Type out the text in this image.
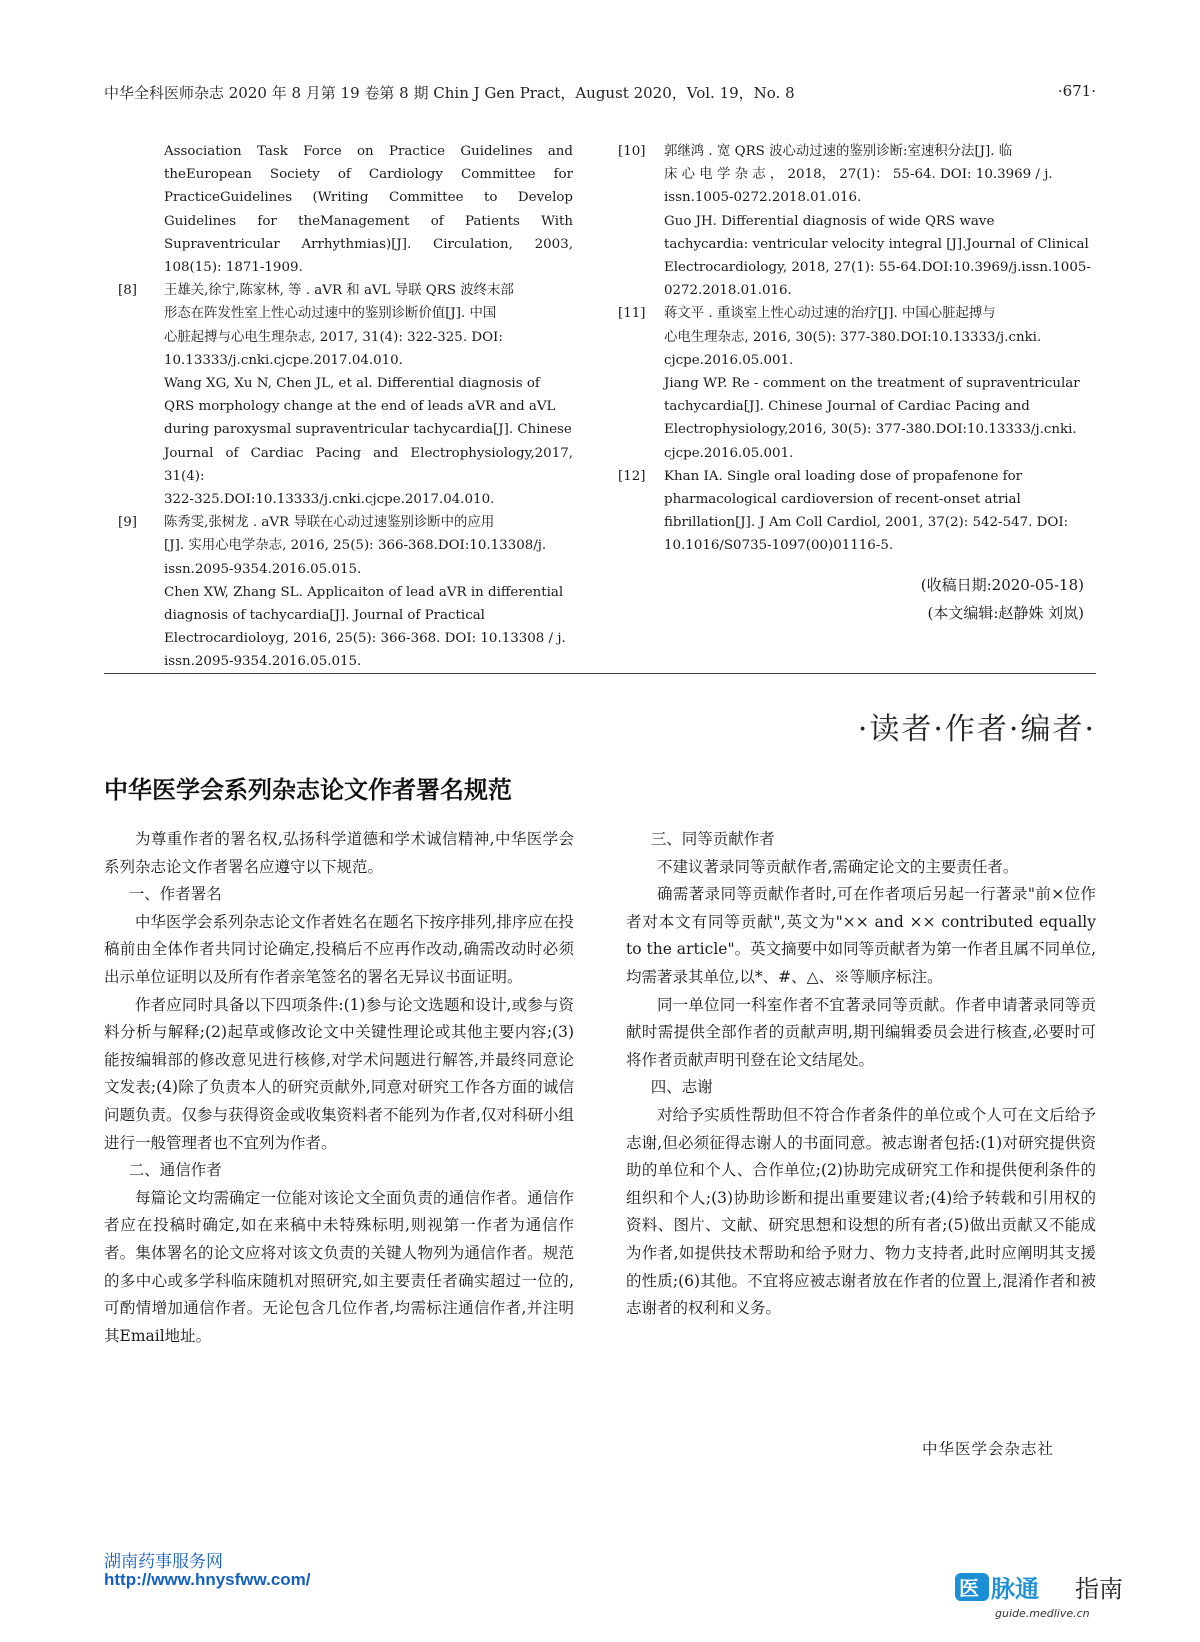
中华全科医师杂志 2020 年 8 月第 19 卷第 8 期 Chin J Gen Pract，August 2020，Vol. 19，No. 8	·671·
Association Task Force on Practice Guidelines and theEuropean Society of Cardiology Committee for PracticeGuidelines (Writing Committee to Develop Guidelines for theManagement of Patients With Supraventricular Arrhythmias)[J]. Circulation, 2003, 108(15): 1871-1909.
[8]	王雄关,徐宁,陈家林, 等 . aVR 和 aVL 导联 QRS 波终末部
形态在阵发性室上性心动过速中的鉴别诊断价值[J]. 中国
心脏起搏与心电生理杂志, 2017, 31(4): 322-325. DOI:
10.13333/j.cnki.cjcpe.2017.04.010.
Wang XG, Xu N, Chen JL, et al. Differential diagnosis of
QRS morphology change at the end of leads aVR and aVL
during paroxysmal supraventricular tachycardia[J]. Chinese
Journal of Cardiac Pacing and Electrophysiology,2017, 31(4):
322-325.DOI:10.13333/j.cnki.cjcpe.2017.04.010.
[9]	陈秀雯,张树龙 . aVR 导联在心动过速鉴别诊断中的应用
[J]. 实用心电学杂志, 2016, 25(5): 366-368.DOI:10.13308/j.
issn.2095-9354.2016.05.015.
Chen XW, Zhang SL. Applicaiton of lead aVR in differential
diagnosis of tachycardia[J]. Journal of Practical
Electrocardioloyg, 2016, 25(5): 366-368. DOI: 10.13308 / j.
issn.2095-9354.2016.05.015.
[10]	郭继鸿 . 宽 QRS 波心动过速的鉴别诊断:室速积分法[J]. 临
床 心 电 学 杂 志 ， 2018， 27(1)： 55-64. DOI: 10.3969 / j.
issn.1005-0272.2018.01.016.
Guo JH. Differential diagnosis of wide QRS wave
tachycardia: ventricular velocity integral [J].Journal of Clinical
Electrocardiology, 2018, 27(1): 55-64.DOI:10.3969/j.issn.1005-
0272.2018.01.016.
[11]	蒋文平 . 重谈室上性心动过速的治疗[J]. 中国心脏起搏与
心电生理杂志, 2016, 30(5): 377-380.DOI:10.13333/j.cnki.
cjcpe.2016.05.001.
Jiang WP. Re - comment on the treatment of supraventricular
tachycardia[J]. Chinese Journal of Cardiac Pacing and
Electrophysiology,2016, 30(5): 377-380.DOI:10.13333/j.cnki.
cjcpe.2016.05.001.
[12]	Khan IA. Single oral loading dose of propafenone for
pharmacological cardioversion of recent-onset atrial
fibrillation[J]. J Am Coll Cardiol, 2001, 37(2): 542-547. DOI:
10.1016/S0735-1097(00)01116-5.
(收稿日期:2020-05-18)
(本文编辑:赵静姝 刘岚)
·读者·作者·编者·
中华医学会系列杂志论文作者署名规范

为尊重作者的署名权,弘扬科学道德和学术诚信精神,中华医学会系列杂志论文作者署名应遵守以下规范。

一、作者署名

中华医学会系列杂志论文作者姓名在题名下按序排列,排序应在投稿前由全体作者共同讨论确定,投稿后不应再作改动,确需改动时必须出示单位证明以及所有作者亲笔签名的署名无异议书面证明。

作者应同时具备以下四项条件:(1)参与论文选题和设计,或参与资料分析与解释;(2)起草或修改论文中关键性理论或其他主要内容;(3)能按编辑部的修改意见进行核修,对学术问题进行解答,并最终同意论文发表;(4)除了负责本人的研究贡献外,同意对研究工作各方面的诚信问题负责。仅参与获得资金或收集资料者不能列为作者,仅对科研小组进行一般管理者也不宜列为作者。

二、通信作者

每篇论文均需确定一位能对该论文全面负责的通信作者。通信作者应在投稿时确定,如在来稿中未特殊标明,则视第一作者为通信作者。集体署名的论文应将对该文负责的关键人物列为通信作者。规范的多中心或多学科临床随机对照研究,如主要责任者确实超过一位的,可酌情增加通信作者。无论包含几位作者,均需标注通信作者,并注明其Email地址。

三、同等贡献作者

不建议著录同等贡献作者,需确定论文的主要责任者。

确需著录同等贡献作者时,可在作者项后另起一行著录"前×位作者对本文有同等贡献",英文为"×× and ×× contributed equally to the article"。英文摘要中如同等贡献者为第一作者且属不同单位,均需著录其单位,以*、#、△、※等顺序标注。

同一单位同一科室作者不宜著录同等贡献。作者申请著录同等贡献时需提供全部作者的贡献声明,期刊编辑委员会进行核查,必要时可将作者贡献声明刊登在论文结尾处。

四、志谢

对给予实质性帮助但不符合作者条件的单位或个人可在文后给予志谢,但必须征得志谢人的书面同意。被志谢者包括:(1)对研究提供资助的单位和个人、合作单位;(2)协助完成研究工作和提供便利条件的组织和个人;(3)协助诊断和提出重要建议者;(4)给予转载和引用权的资料、图片、文献、研究思想和设想的所有者;(5)做出贡献又不能成为作者,如提供技术帮助和给予财力、物力支持者,此时应阐明其支援的性质;(6)其他。不宜将应被志谢者放在作者的位置上,混淆作者和被志谢者的权利和义务。

中华医学会杂志社
湖南药事服务网
http://www.hnysfww.com/	医 脉通 指南
guide.medlive.cn
